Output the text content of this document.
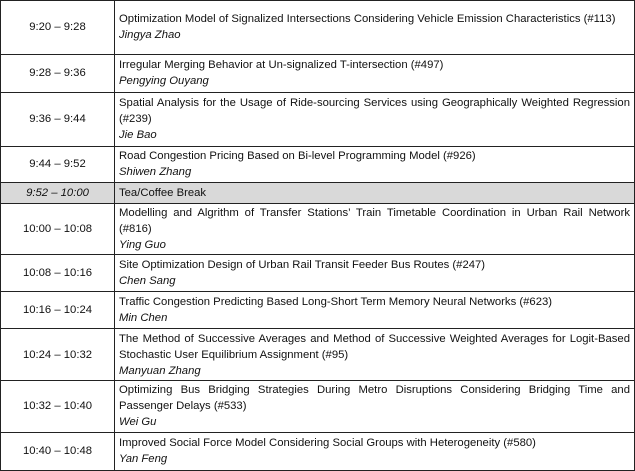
9:20 – 9:28	Optimization Model of Signalized Intersections Considering Vehicle Emission Characteristics (#113)
Jingya Zhao

9:28 – 9:36	Irregular Merging Behavior at Un-signalized T-intersection (#497)
Pengying Ouyang

9:36 – 9:44	Spatial Analysis for the Usage of Ride-sourcing Services using Geographically Weighted Regression (#239)
Jie Bao

9:44 – 9:52	Road Congestion Pricing Based on Bi-level Programming Model (#926)
Shiwen Zhang

9:52 – 10:00	Tea/Coffee Break
10:00 – 10:08	Modelling and Algrithm of Transfer Stations’ Train Timetable Coordination in Urban Rail Network (#816)
Ying Guo

10:08 – 10:16	Site Optimization Design of Urban Rail Transit Feeder Bus Routes (#247)
Chen Sang

10:16 – 10:24	Traffic Congestion Predicting Based Long-Short Term Memory Neural Networks (#623)
Min Chen

10:24 – 10:32	The Method of Successive Averages and Method of Successive Weighted Averages for Logit-Based Stochastic User Equilibrium Assignment (#95)
Manyuan Zhang

10:32 – 10:40	Optimizing Bus Bridging Strategies During Metro Disruptions Considering Bridging Time and Passenger Delays (#533)
Wei Gu

10:40 – 10:48	Improved Social Force Model Considering Social Groups with Heterogeneity (#580)
Yan Feng
